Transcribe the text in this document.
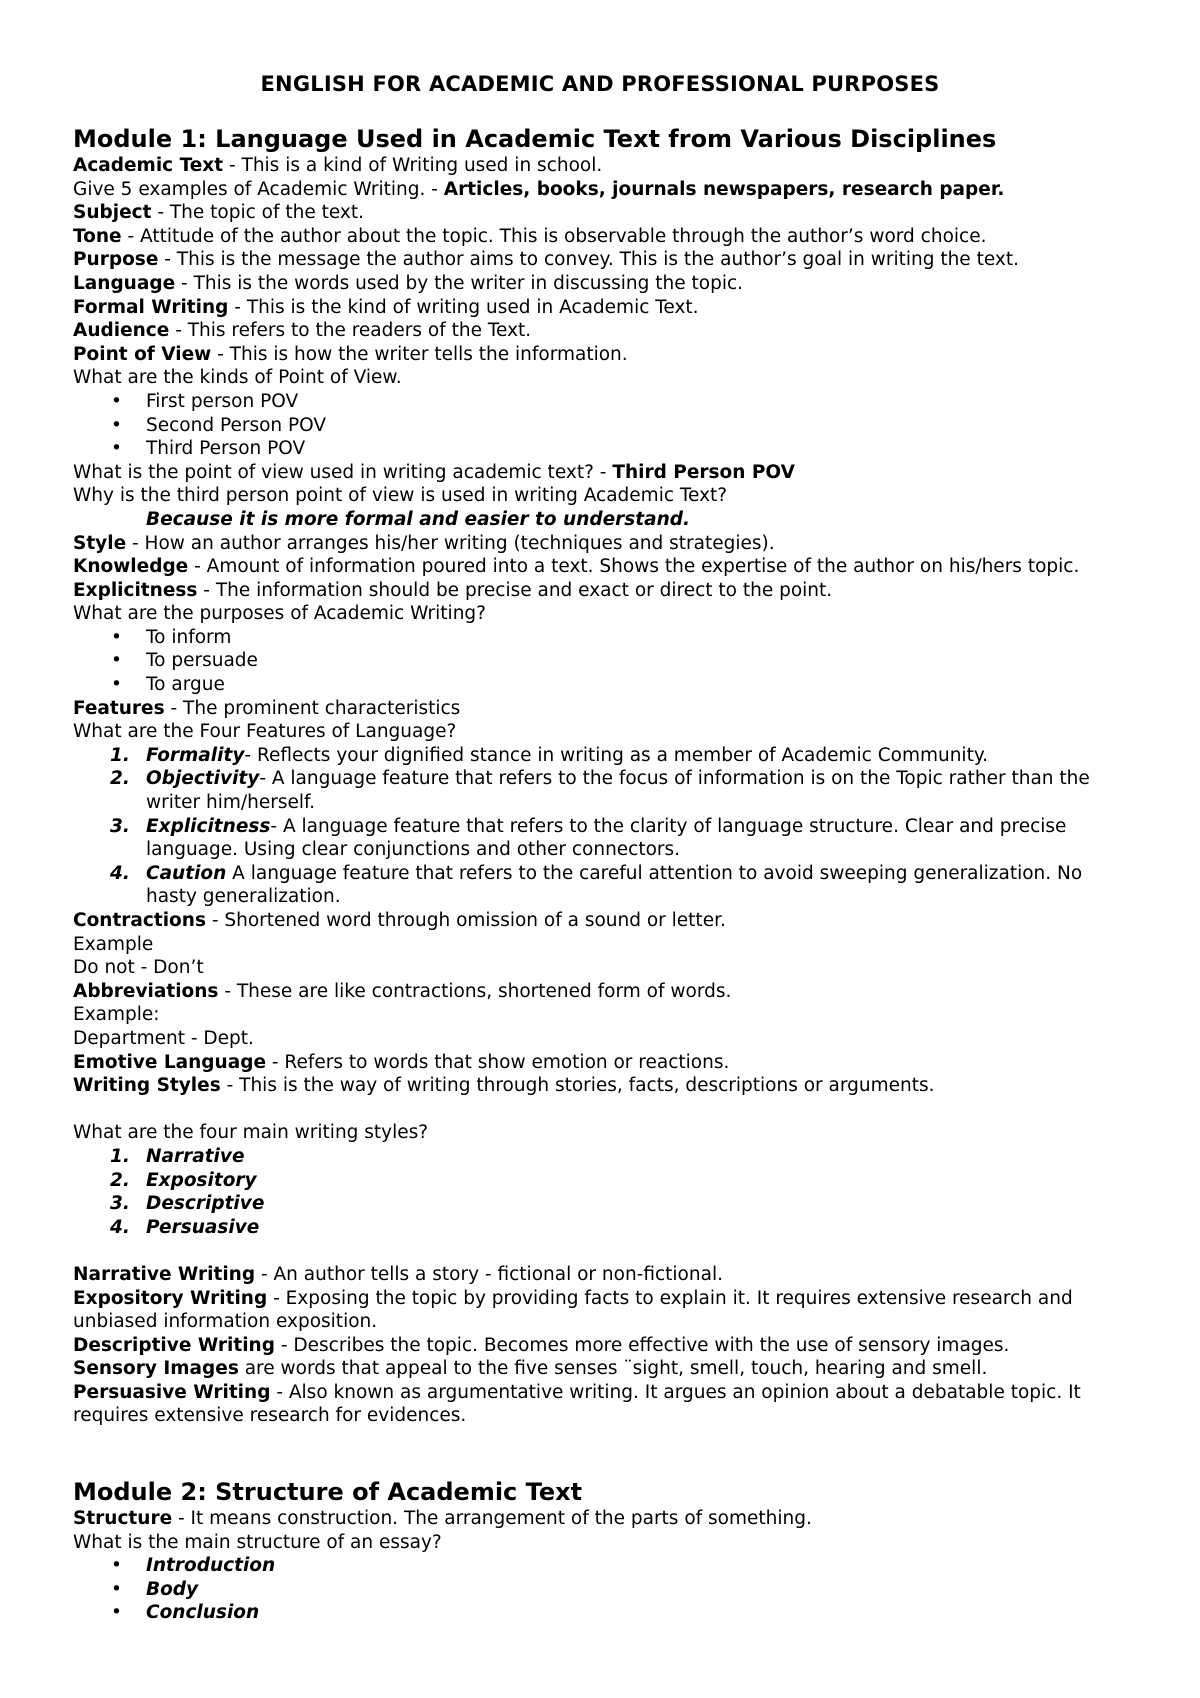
ENGLISH FOR ACADEMIC AND PROFESSIONAL PURPOSES
Module 1: Language Used in Academic Text from Various Disciplines

Academic Text - This is a kind of Writing used in school.

Give 5 examples of Academic Writing. - Articles, books, journals newspapers, research paper.

Subject - The topic of the text.

Tone - Attitude of the author about the topic. This is observable through the author’s word choice.

Purpose - This is the message the author aims to convey. This is the author’s goal in writing the text.

Language - This is the words used by the writer in discussing the topic.

Formal Writing - This is the kind of writing used in Academic Text.

Audience - This refers to the readers of the Text.

Point of View - This is how the writer tells the information.

What are the kinds of Point of View.

• First person POV
• Second Person POV
• Third Person POV

What is the point of view used in writing academic text? - Third Person POV

Why is the third person point of view is used in writing Academic Text?

Because it is more formal and easier to understand.

Style - How an author arranges his/her writing (techniques and strategies).

Knowledge - Amount of information poured into a text. Shows the expertise of the author on his/hers topic.

Explicitness - The information should be precise and exact or direct to the point.

What are the purposes of Academic Writing?

• To inform
• To persuade
• To argue

Features - The prominent characteristics

What are the Four Features of Language?

1. Formality- Reflects your dignified stance in writing as a member of Academic Community.
2. Objectivity- A language feature that refers to the focus of information is on the Topic rather than the writer him/herself.
3. Explicitness- A language feature that refers to the clarity of language structure. Clear and precise language. Using clear conjunctions and other connectors.
4. Caution A language feature that refers to the careful attention to avoid sweeping generalization. No hasty generalization.

Contractions - Shortened word through omission of a sound or letter.

Example

Do not - Don’t

Abbreviations - These are like contractions, shortened form of words.

Example:

Department - Dept.

Emotive Language - Refers to words that show emotion or reactions.

Writing Styles - This is the way of writing through stories, facts, descriptions or arguments.

What are the four main writing styles?

1. Narrative
2. Expository
3. Descriptive
4. Persuasive

Narrative Writing - An author tells a story - fictional or non-fictional.

Expository Writing - Exposing the topic by providing facts to explain it. It requires extensive research and unbiased information exposition.

Descriptive Writing - Describes the topic. Becomes more effective with the use of sensory images.

Sensory Images are words that appeal to the five senses ¨sight, smell, touch, hearing and smell.

Persuasive Writing - Also known as argumentative writing. It argues an opinion about a debatable topic. It requires extensive research for evidences.

Module 2: Structure of Academic Text

Structure - It means construction. The arrangement of the parts of something.

What is the main structure of an essay?

• Introduction
• Body
• Conclusion
